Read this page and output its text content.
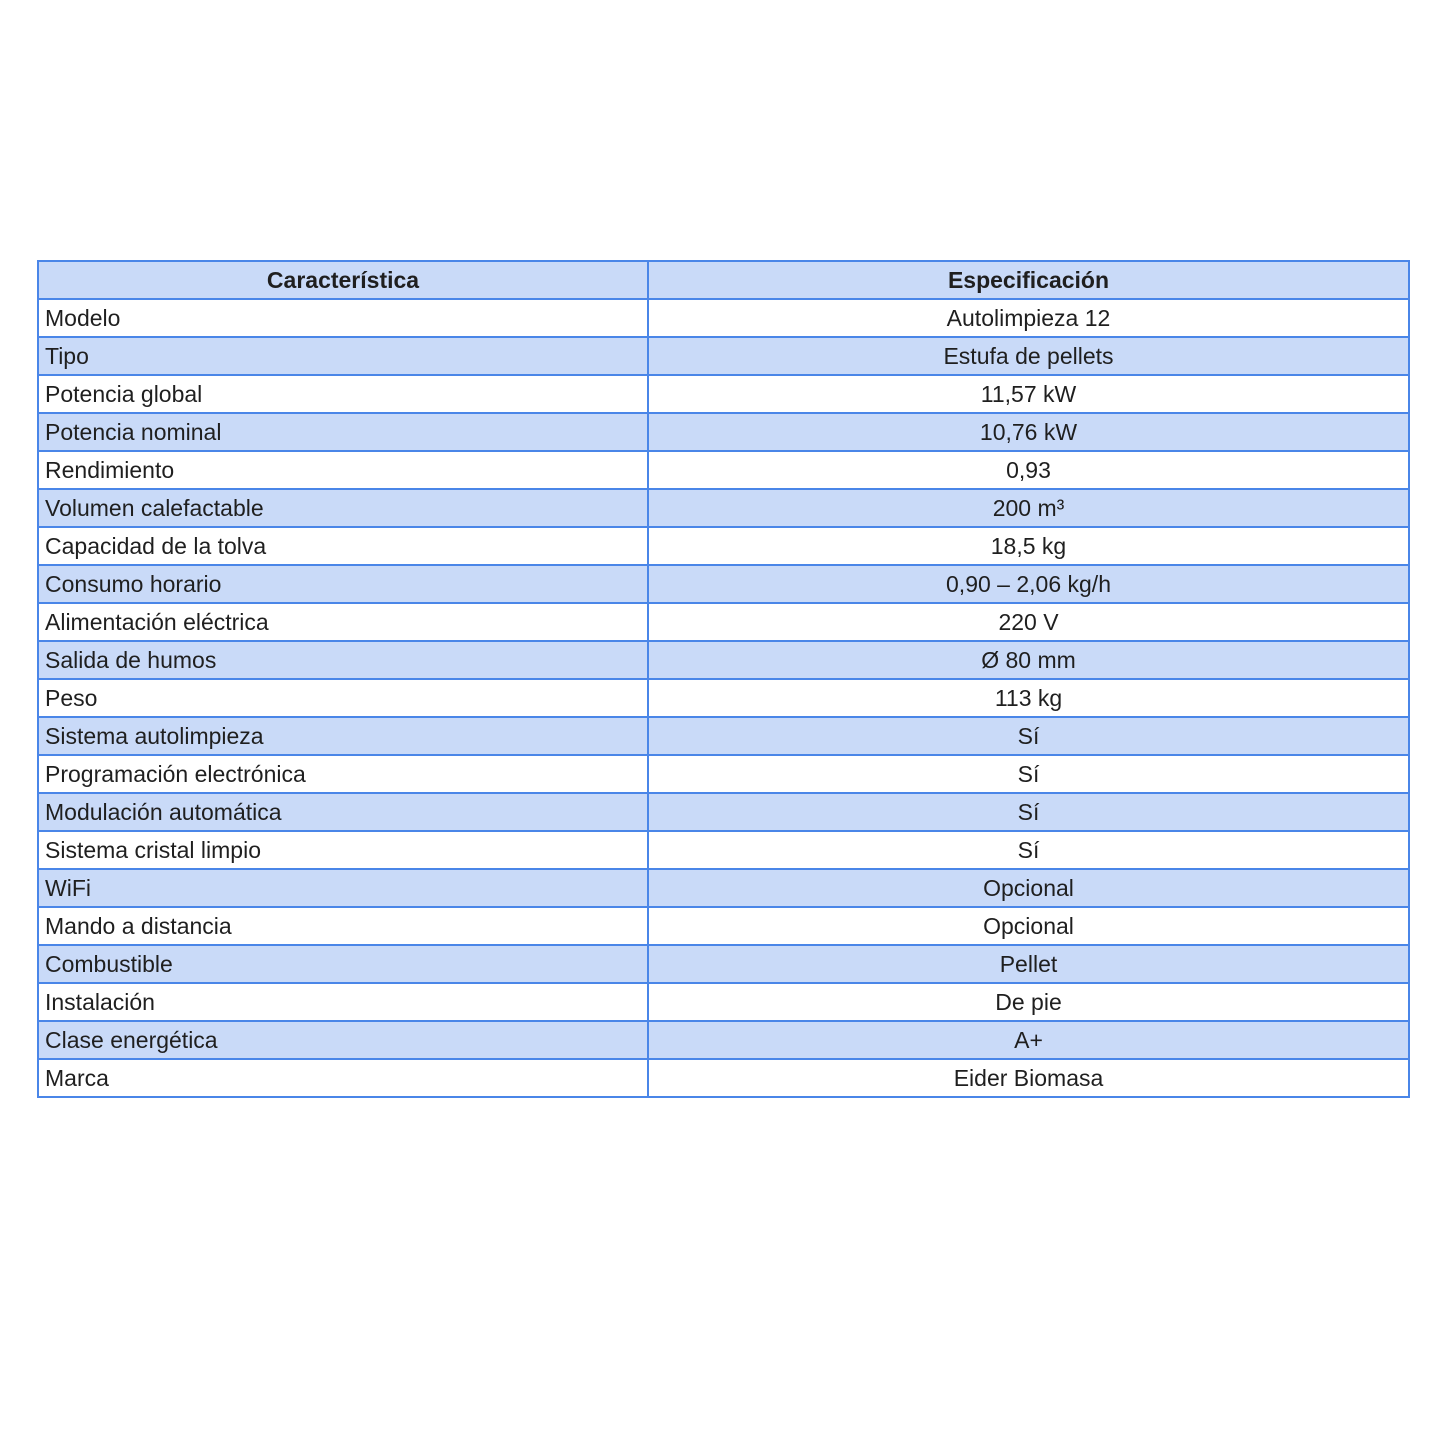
Característica	Especificación
Modelo	Autolimpieza 12
Tipo	Estufa de pellets
Potencia global	11,57 kW
Potencia nominal	10,76 kW
Rendimiento	0,93
Volumen calefactable	200 m³
Capacidad de la tolva	18,5 kg
Consumo horario	0,90 – 2,06 kg/h
Alimentación eléctrica	220 V
Salida de humos	Ø 80 mm
Peso	113 kg
Sistema autolimpieza	Sí
Programación electrónica	Sí
Modulación automática	Sí
Sistema cristal limpio	Sí
WiFi	Opcional
Mando a distancia	Opcional
Combustible	Pellet
Instalación	De pie
Clase energética	A+
Marca	Eider Biomasa
